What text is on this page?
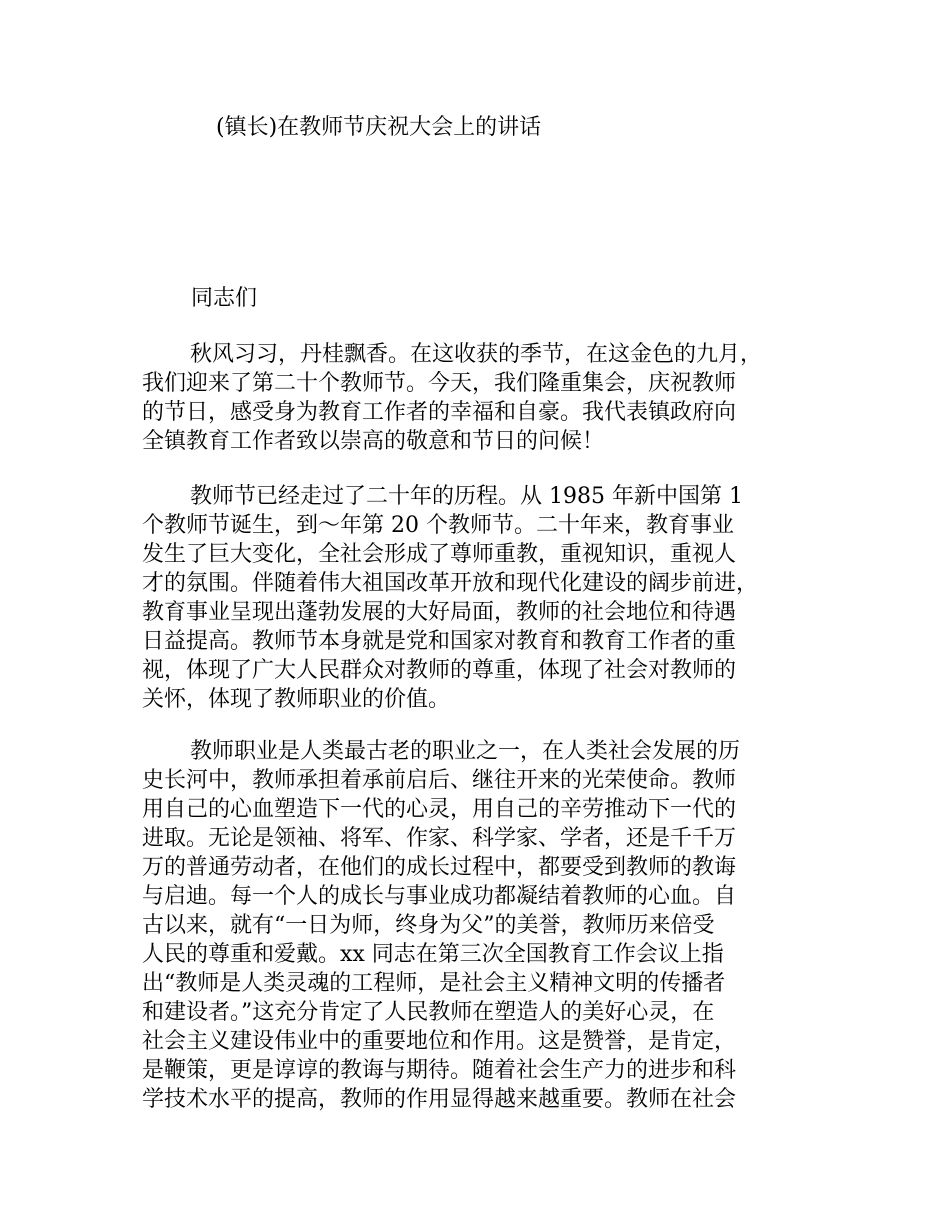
(镇长)在教师节庆祝大会上的讲话

同志们

秋风习习，丹桂飘香。在这收获的季节，在这金色的九月，
我们迎来了第二十个教师节。今天，我们隆重集会，庆祝教师
的节日，感受身为教育工作者的幸福和自豪。我代表镇政府向
全镇教育工作者致以崇高的敬意和节日的问候！
教师节已经走过了二十年的历程。从 1985 年新中国第 1
个教师节诞生，到～年第 20 个教师节。二十年来，教育事业
发生了巨大变化，全社会形成了尊师重教，重视知识，重视人
才的氛围。伴随着伟大祖国改革开放和现代化建设的阔步前进，
教育事业呈现出蓬勃发展的大好局面，教师的社会地位和待遇
日益提高。教师节本身就是党和国家对教育和教育工作者的重
视，体现了广大人民群众对教师的尊重，体现了社会对教师的
关怀，体现了教师职业的价值。
教师职业是人类最古老的职业之一，在人类社会发展的历
史长河中，教师承担着承前启后、继往开来的光荣使命。教师
用自己的心血塑造下一代的心灵，用自己的辛劳推动下一代的
进取。无论是领袖、将军、作家、科学家、学者，还是千千万
万的普通劳动者，在他们的成长过程中，都要受到教师的教诲
与启迪。每一个人的成长与事业成功都凝结着教师的心血。自
古以来，就有“一日为师，终身为父”的美誉，教师历来倍受
人民的尊重和爱戴。xx 同志在第三次全国教育工作会议上指
出“教师是人类灵魂的工程师，是社会主义精神文明的传播者
和建设者。”这充分肯定了人民教师在塑造人的美好心灵，在
社会主义建设伟业中的重要地位和作用。这是赞誉，是肯定，
是鞭策，更是谆谆的教诲与期待。随着社会生产力的进步和科
学技术水平的提高，教师的作用显得越来越重要。教师在社会
